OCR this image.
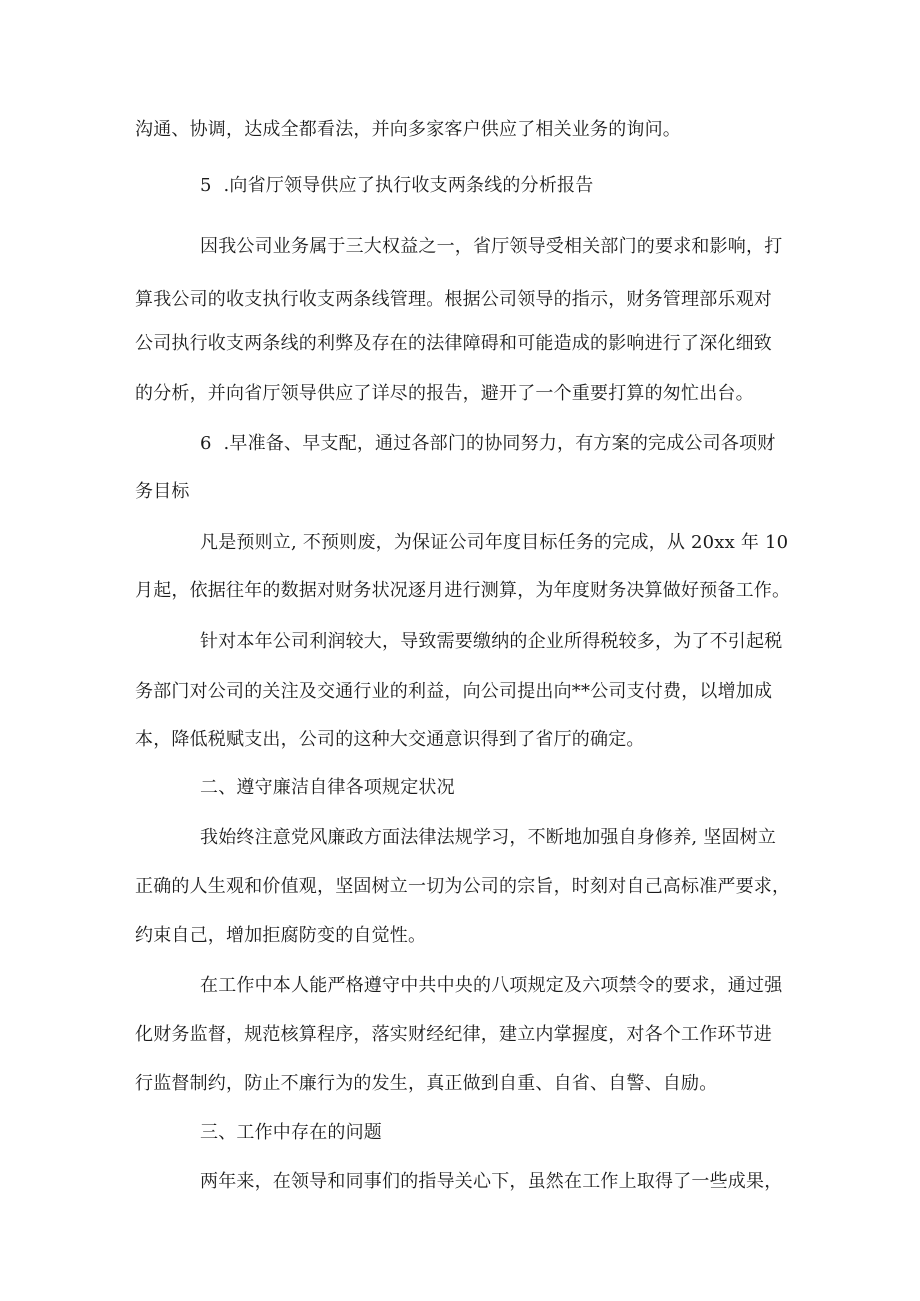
沟通、协调，达成全都看法，并向多家客户供应了相关业务的询问。
5  .向省厅领导供应了执行收支两条线的分析报告
因我公司业务属于三大权益之一，省厅领导受相关部门的要求和影响，打
算我公司的收支执行收支两条线管理。根据公司领导的指示，财务管理部乐观对
公司执行收支两条线的利弊及存在的法律障碍和可能造成的影响进行了深化细致
的分析，并向省厅领导供应了详尽的报告，避开了一个重要打算的匆忙出台。
6  .早准备、早支配，通过各部门的协同努力，有方案的完成公司各项财
务目标
凡是预则立, 不预则废，为保证公司年度目标任务的完成，从 20xx 年 10
月起，依据往年的数据对财务状况逐月进行测算，为年度财务决算做好预备工作。
针对本年公司利润较大，导致需要缴纳的企业所得税较多，为了不引起税
务部门对公司的关注及交通行业的利益，向公司提出向**公司支付费，以增加成
本，降低税赋支出，公司的这种大交通意识得到了省厅的确定。
二、遵守廉洁自律各项规定状况
我始终注意党风廉政方面法律法规学习，不断地加强自身修养, 坚固树立
正确的人生观和价值观，坚固树立一切为公司的宗旨，时刻对自己高标准严要求，
约束自己，增加拒腐防变的自觉性。
在工作中本人能严格遵守中共中央的八项规定及六项禁令的要求，通过强
化财务监督，规范核算程序，落实财经纪律，建立内掌握度，对各个工作环节进
行监督制约，防止不廉行为的发生，真正做到自重、自省、自警、自励。
三、工作中存在的问题
两年来，在领导和同事们的指导关心下，虽然在工作上取得了一些成果，
